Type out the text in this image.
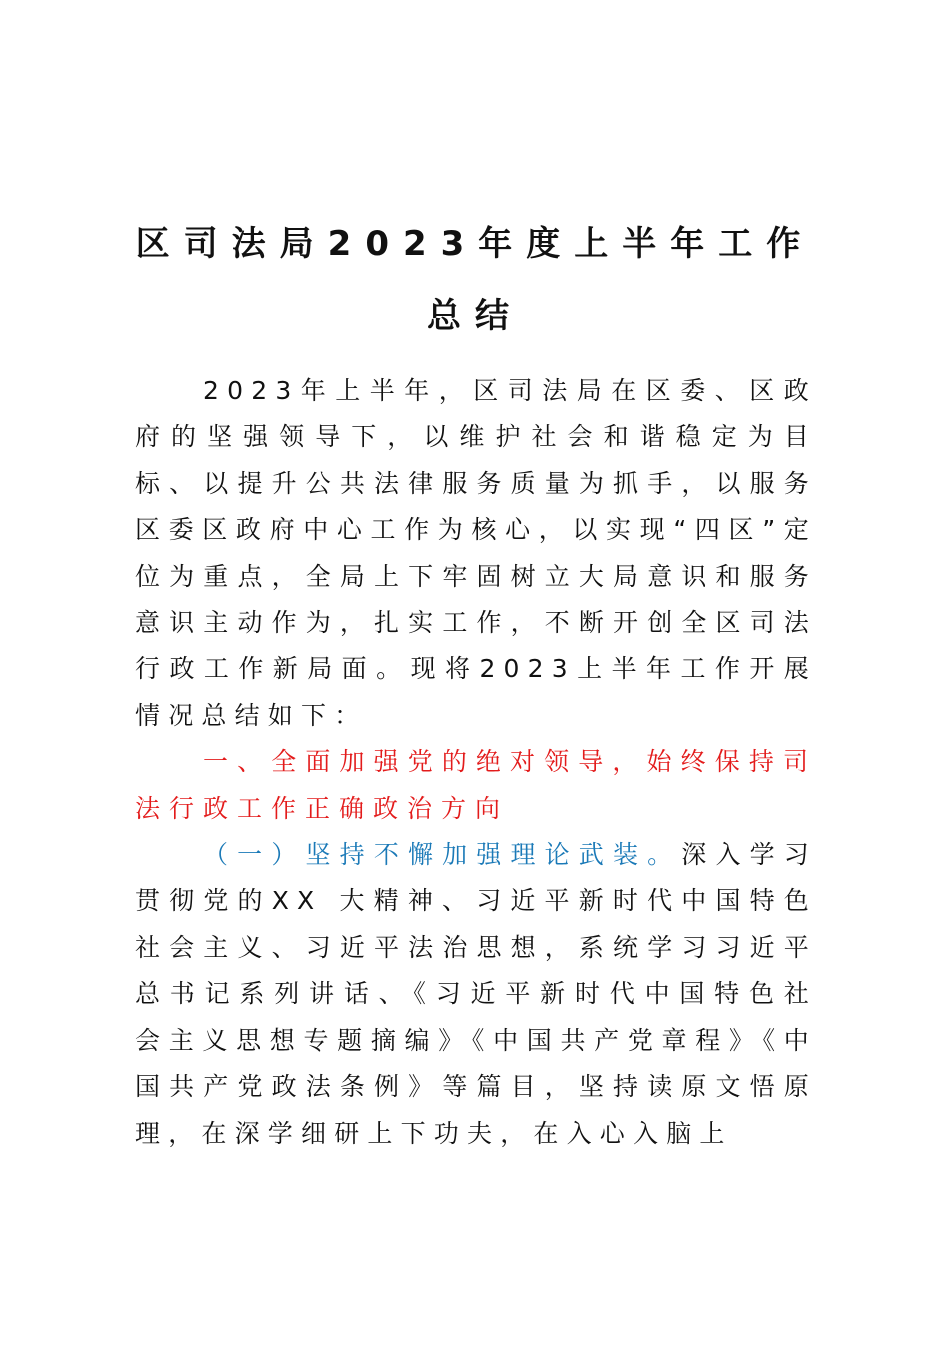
区司法局2023年度上半年工作
总结

2023年上半年，区司法局在区委、区政府的坚强领导下，以维护社会和谐稳定为目标、以提升公共法律服务质量为抓手，以服务区委区政府中心工作为核心，以实现“四区”定位为重点，全局上下牢固树立大局意识和服务意识主动作为，扎实工作，不断开创全区司法行政工作新局面。现将2023上半年工作开展情况总结如下：

一、全面加强党的绝对领导，始终保持司法行政工作正确政治方向

（一）坚持不懈加强理论武装。深入学习贯彻党的XX 大精神、习近平新时代中国特色社会主义、习近平法治思想，系统学习习近平总书记系列讲话、《习近平新时代中国特色社会主义思想专题摘编》《中国共产党章程》《中国共产党政法条例》等篇目，坚持读原文悟原理，在深学细研上下功夫，在入心入脑上
